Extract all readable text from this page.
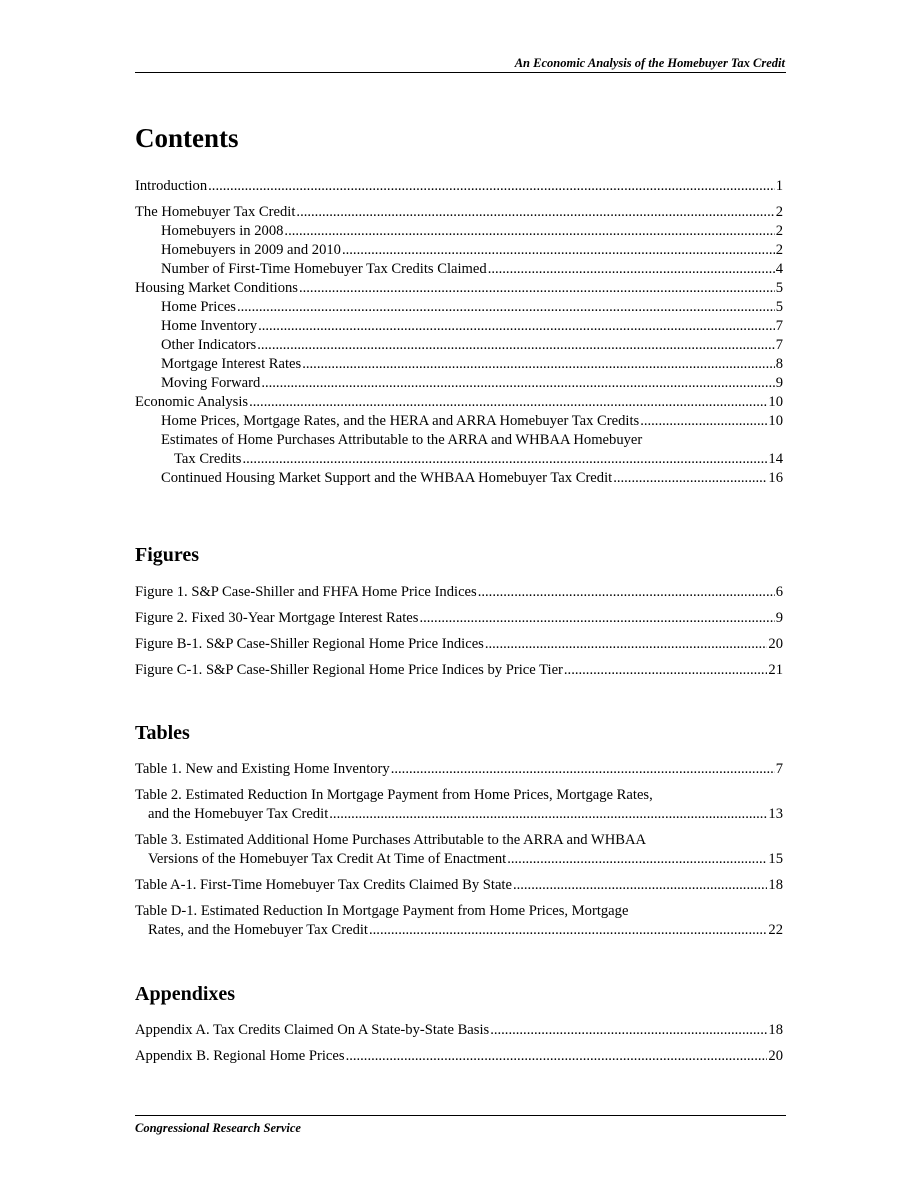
An Economic Analysis of the Homebuyer Tax Credit
Contents
Introduction .....	1
The Homebuyer Tax Credit .....	2
Homebuyers in 2008 .....	2
Homebuyers in 2009 and 2010 .....	2
Number of First-Time Homebuyer Tax Credits Claimed .....	4
Housing Market Conditions .....	5
Home Prices .....	5
Home Inventory .....	7
Other Indicators .....	7
Mortgage Interest Rates .....	8
Moving Forward .....	9
Economic Analysis .....	10
Home Prices, Mortgage Rates, and the HERA and ARRA Homebuyer Tax Credits .....	10
Estimates of Home Purchases Attributable to the ARRA and WHBAA Homebuyer
Tax Credits .....	14
Continued Housing Market Support and the WHBAA Homebuyer Tax Credit .....	16
Figures
Figure 1. S&P Case-Shiller and FHFA Home Price Indices .....	6
Figure 2. Fixed 30-Year Mortgage Interest Rates .....	9
Figure B-1. S&P Case-Shiller Regional Home Price Indices .....	20
Figure C-1. S&P Case-Shiller Regional Home Price Indices by Price Tier .....	21
Tables
Table 1. New and Existing Home Inventory .....	7
Table 2. Estimated Reduction In Mortgage Payment from Home Prices, Mortgage Rates,
and the Homebuyer Tax Credit .....	13
Table 3. Estimated Additional Home Purchases Attributable to the ARRA and WHBAA
Versions of the Homebuyer Tax Credit At Time of Enactment .....	15
Table A-1. First-Time Homebuyer Tax Credits Claimed By State .....	18
Table D-1. Estimated Reduction In Mortgage Payment from Home Prices, Mortgage
Rates, and the Homebuyer Tax Credit .....	22
Appendixes
Appendix A. Tax Credits Claimed On A State-by-State Basis .....	18
Appendix B. Regional Home Prices .....	20
Congressional Research Service
